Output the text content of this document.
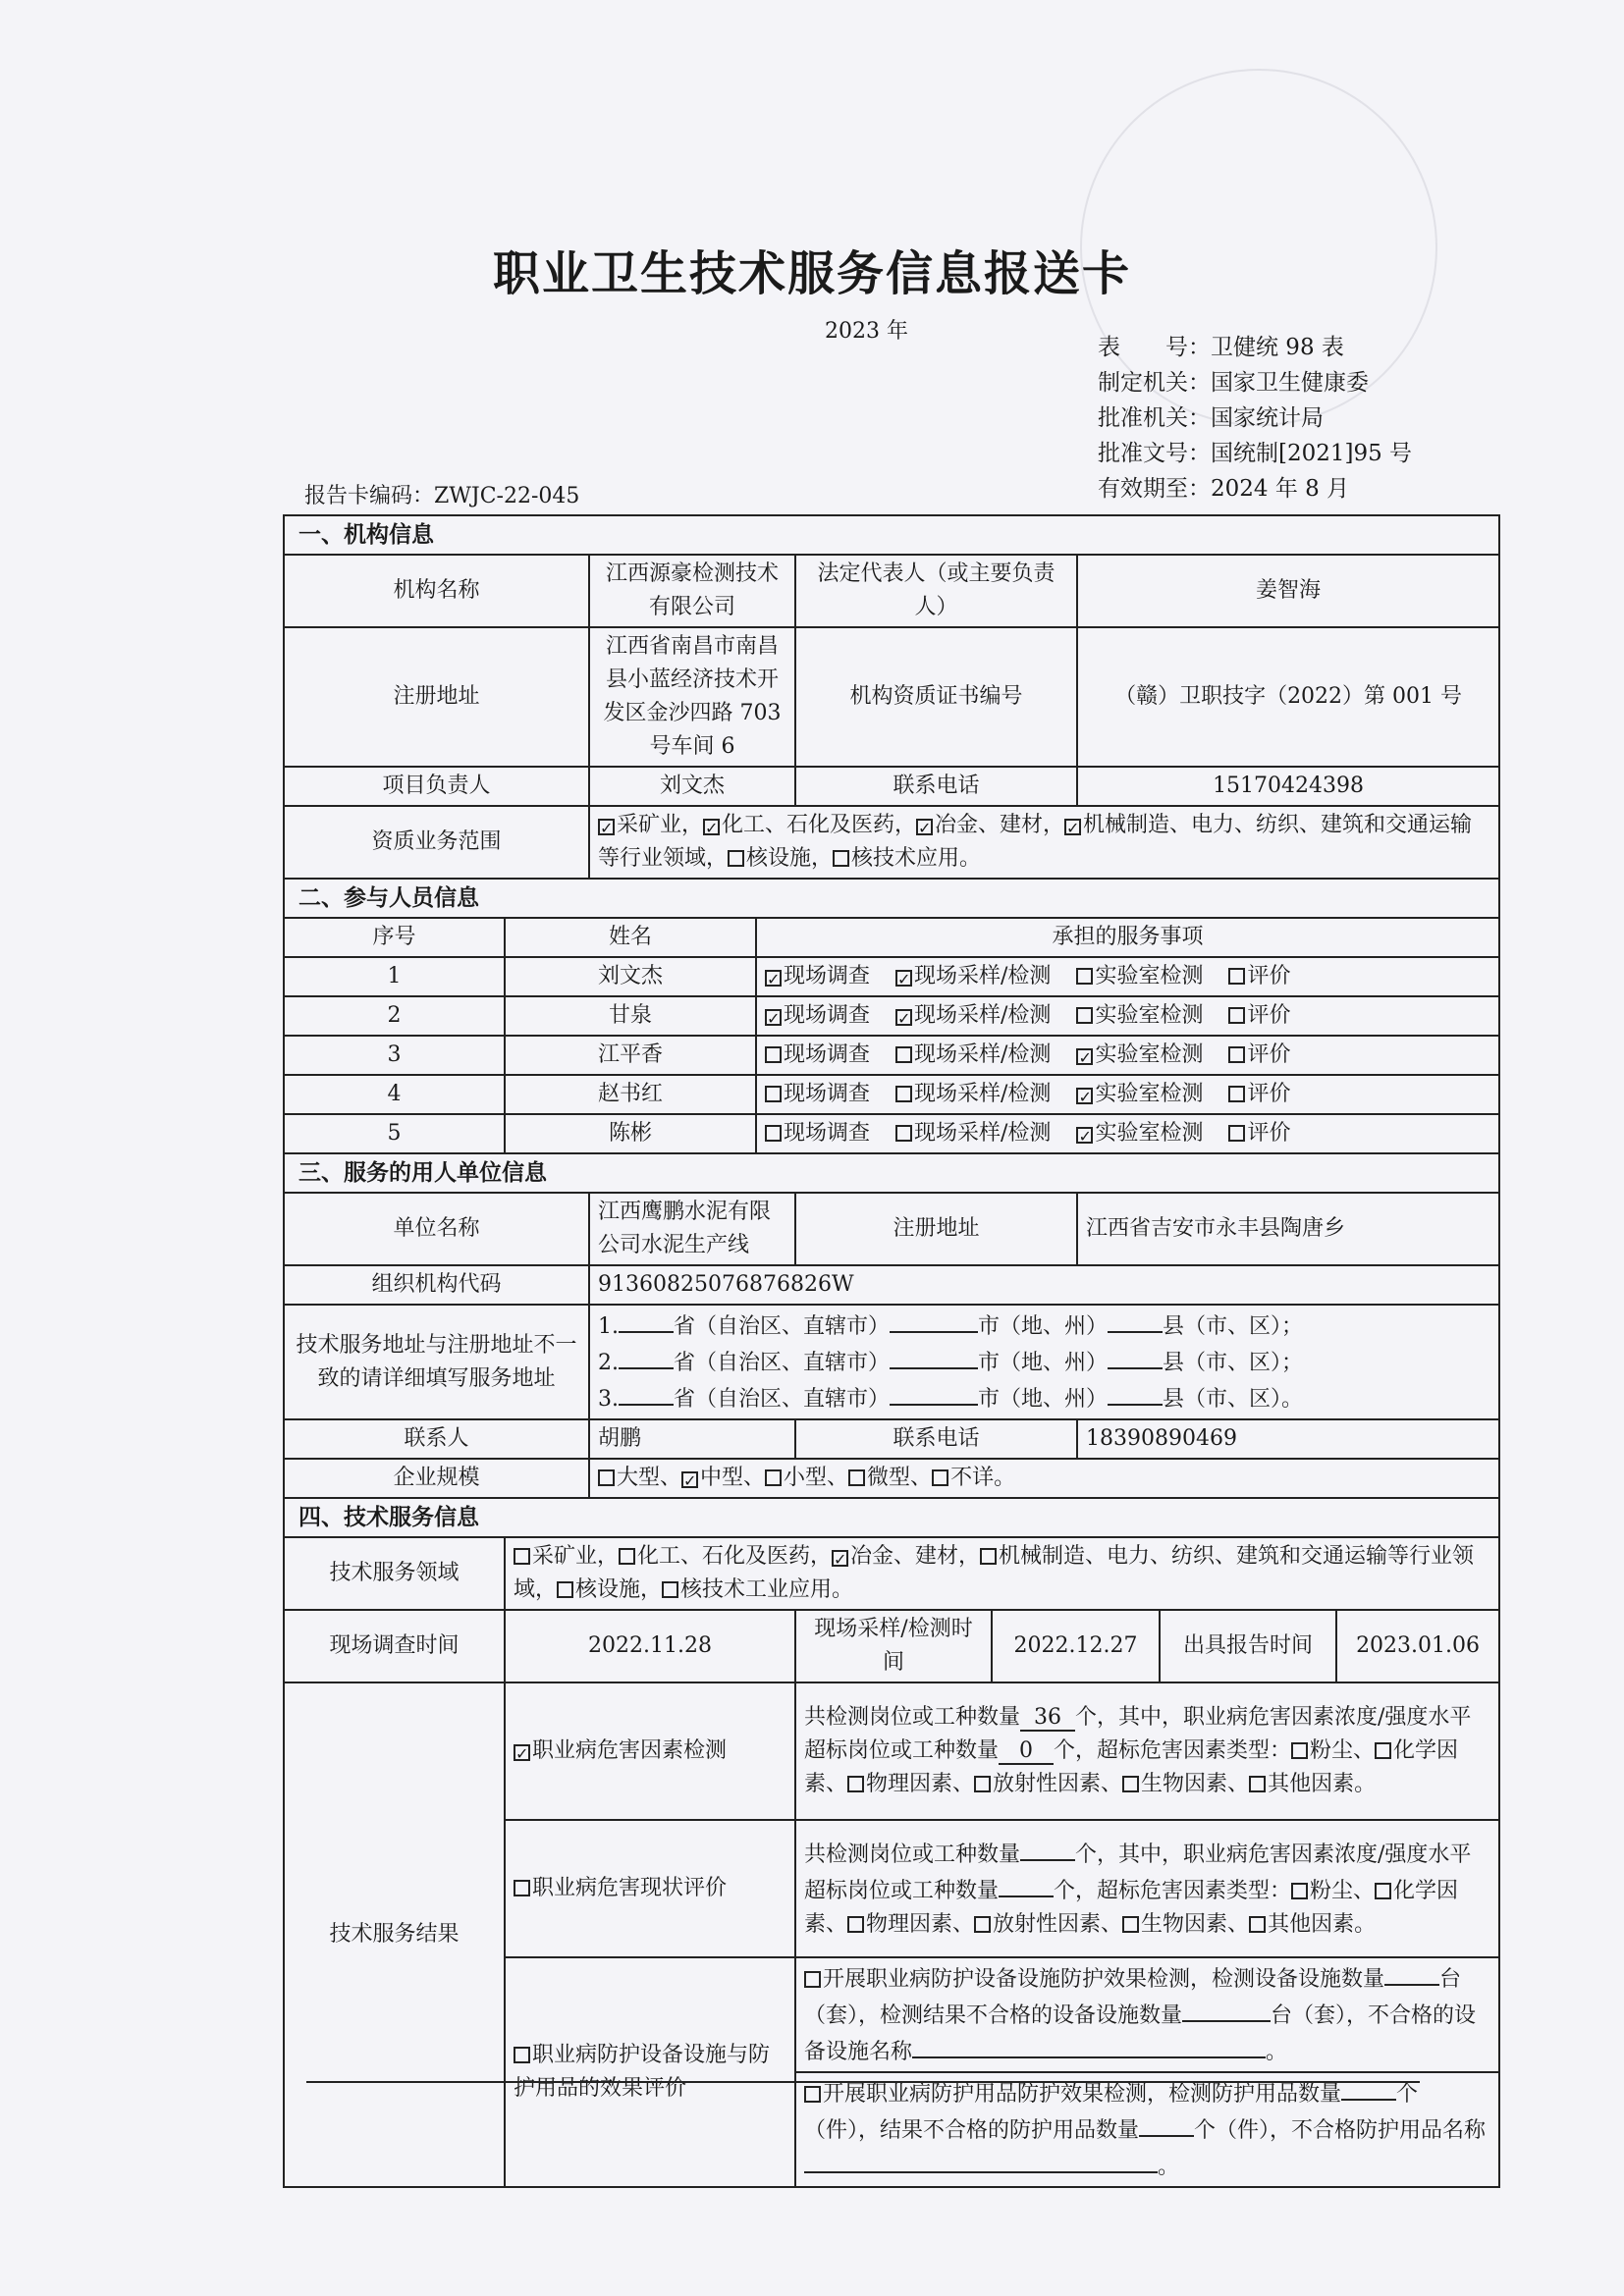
职业卫生技术服务信息报送卡
2023 年
表　　号：卫健统 98 表
制定机关：国家卫生健康委
批准机关：国家统计局
批准文号：国统制[2021]95 号
有效期至：2024 年 8 月
报告卡编码：ZWJC-22-045
一、机构信息								
机构名称		江西源豪检测技术有限公司		法定代表人（或主要负责人）		姜智海		
注册地址		江西省南昌市南昌县小蓝经济技术开发区金沙四路 703 号车间 6		机构资质证书编号		（赣）卫职技字（2022）第 001 号		
项目负责人		刘文杰		联系电话		15170424398		
资质业务范围		✓ 采矿业， ✓ 化工、石化及医药， ✓ 冶金、建材， ✓ 机械制造、电力、纺织、建筑和交通运输等行业领域， 核设施， 核技术应用。						
二、参与人员信息								
序号	姓名		承担的服务事项					
1	刘文杰		✓ 现场调查 ✓ 现场采样/检测 实验室检测 评价					
2	甘泉		✓ 现场调查 ✓ 现场采样/检测 实验室检测 评价					
3	江平香		现场调查 现场采样/检测 ✓ 实验室检测 评价					
4	赵书红		现场调查 现场采样/检测 ✓ 实验室检测 评价					
5	陈彬		现场调查 现场采样/检测 ✓ 实验室检测 评价					
三、服务的用人单位信息								
单位名称		江西鹰鹏水泥有限公司水泥生产线		注册地址		江西省吉安市永丰县陶唐乡		
组织机构代码		91360825076876826W						
技术服务地址与注册地址不一致的请详细填写服务地址		1. 省（自治区、直辖市） 市（地、州） 县（市、区）；
2. 省（自治区、直辖市） 市（地、州） 县（市、区）；
3. 省（自治区、直辖市） 市（地、州） 县（市、区）。						

联系人		胡鹏		联系电话		18390890469		
企业规模		大型、 ✓ 中型、 小型、 微型、 不详。						
四、技术服务信息								
技术服务领域	采矿业， 化工、石化及医药， ✓ 冶金、建材， 机械制造、电力、纺织、建筑和交通运输等行业领域， 核设施， 核技术工业应用。							
现场调查时间	2022.11.28			现场采样/检测时间	2022.12.27		出具报告时间	2023.01.06
技术服务结果	✓ 职业病危害因素检测			共检测岗位或工种数量 36 个，其中，职业病危害因素浓度/强度水平超标岗位或工种数量 0 个，超标危害因素类型： 粉尘、 化学因素、 物理因素、 放射性因素、 生物因素、 其他因素。				
	职业病危害现状评价			共检测岗位或工种数量 个，其中，职业病危害因素浓度/强度水平超标岗位或工种数量 个，超标危害因素类型： 粉尘、 化学因素、 物理因素、 放射性因素、 生物因素、 其他因素。				
	职业病防护设备设施与防护用品的效果评价			开展职业病防护设备设施防护效果检测，检测设备设施数量 台（套），检测结果不合格的设备设施数量 台（套），不合格的设备设施名称 。				
				开展职业病防护用品防护效果检测，检测防护用品数量 个（件），结果不合格的防护用品数量 个（件），不合格防护用品名称。				
